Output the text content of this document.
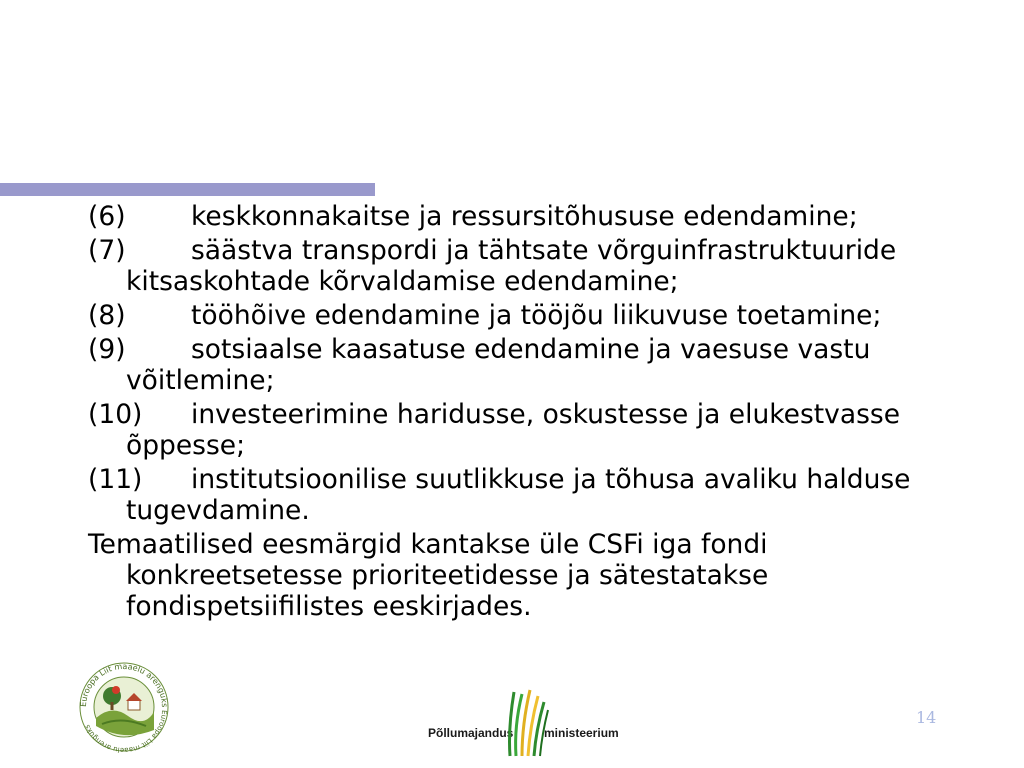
(6) keskkonnakaitse ja ressursitõhususe edendamine;
(7) säästva transpordi ja tähtsate võrguinfrastruktuuride kitsaskohtade kõrvaldamise edendamine;
(8) tööhõive edendamine ja tööjõu liikuvuse toetamine;
(9) sotsiaalse kaasatuse edendamine ja vaesuse vastu võitlemine;
(10) investeerimine haridusse, oskustesse ja elukestvasse õppesse;
(11) institutsioonilise suutlikkuse ja tõhusa avaliku halduse tugevdamine.
Temaatilised eesmärgid kantakse üle CSFi iga fondi konkreetsetesse prioriteetidesse ja sätestatakse fondispetsiifilistes eeskirjades.
Euroopa Liit maaelu arenguks
Euroopa Liit maaelu arenguks	Põllumajandus	ministeerium
14
